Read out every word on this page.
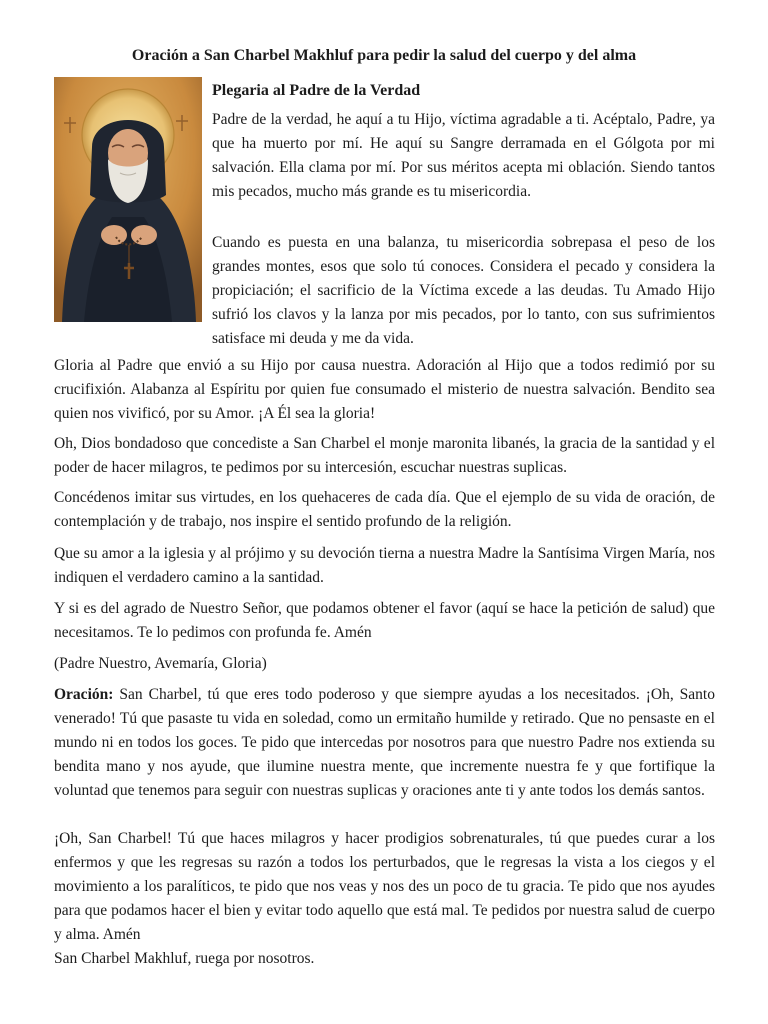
Oración a San Charbel Makhluf para pedir la salud del cuerpo y del alma
Plegaria al Padre de la Verdad

Padre de la verdad, he aquí a tu Hijo, víctima agradable a ti. Acéptalo, Padre, ya que ha muerto por mí. He aquí su Sangre derramada en el Gólgota por mi salvación. Ella clama por mí. Por sus méritos acepta mi oblación. Siendo tantos mis pecados, mucho más grande es tu misericordia.

Cuando es puesta en una balanza, tu misericordia sobrepasa el peso de los grandes montes, esos que solo tú conoces. Considera el pecado y considera la propiciación; el sacrificio de la Víctima excede a las deudas. Tu Amado Hijo sufrió los clavos y la lanza por mis pecados, por lo tanto, con sus sufrimientos satisface mi deuda y me da vida.

Gloria al Padre que envió a su Hijo por causa nuestra. Adoración al Hijo que a todos redimió por su crucifixión. Alabanza al Espíritu por quien fue consumado el misterio de nuestra salvación. Bendito sea quien nos vivificó, por su Amor. ¡A Él sea la gloria!

Oh, Dios bondadoso que concediste a San Charbel el monje maronita libanés, la gracia de la santidad y el poder de hacer milagros, te pedimos por su intercesión, escuchar nuestras suplicas.

Concédenos imitar sus virtudes, en los quehaceres de cada día. Que el ejemplo de su vida de oración, de contemplación y de trabajo, nos inspire el sentido profundo de la religión.

Que su amor a la iglesia y al prójimo y su devoción tierna a nuestra Madre la Santísima Virgen María, nos indiquen el verdadero camino a la santidad.

Y si es del agrado de Nuestro Señor, que podamos obtener el favor (aquí se hace la petición de salud) que necesitamos. Te lo pedimos con profunda fe. Amén

(Padre Nuestro, Avemaría, Gloria)

Oración: San Charbel, tú que eres todo poderoso y que siempre ayudas a los necesitados. ¡Oh, Santo venerado! Tú que pasaste tu vida en soledad, como un ermitaño humilde y retirado. Que no pensaste en el mundo ni en todos los goces. Te pido que intercedas por nosotros para que nuestro Padre nos extienda su bendita mano y nos ayude, que ilumine nuestra mente, que incremente nuestra fe y que fortifique la voluntad que tenemos para seguir con nuestras suplicas y oraciones ante ti y ante todos los demás santos.

¡Oh, San Charbel! Tú que haces milagros y hacer prodigios sobrenaturales, tú que puedes curar a los enfermos y que les regresas su razón a todos los perturbados, que le regresas la vista a los ciegos y el movimiento a los paralíticos, te pido que nos veas y nos des un poco de tu gracia. Te pido que nos ayudes para que podamos hacer el bien y evitar todo aquello que está mal. Te pedidos por nuestra salud de cuerpo y alma. Amén

San Charbel Makhluf, ruega por nosotros.
